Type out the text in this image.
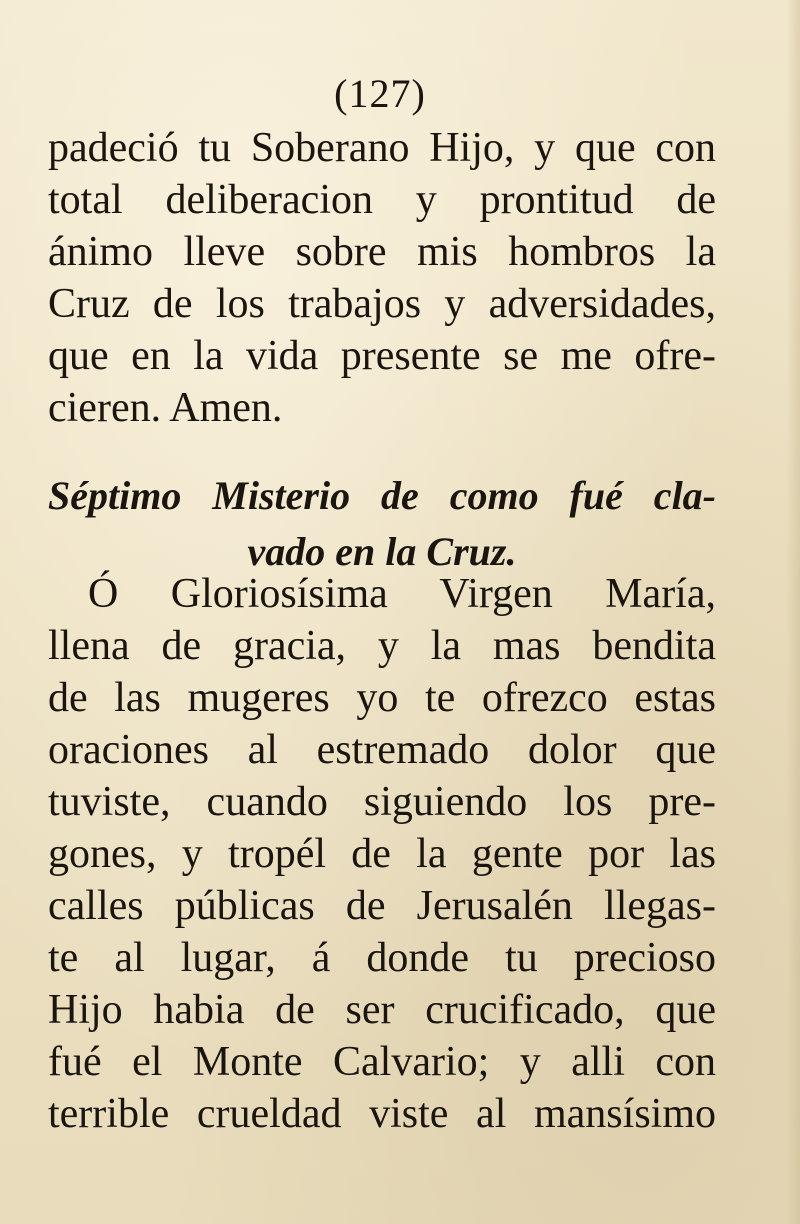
(127)
padeció tu Soberano Hijo, y que con
total deliberacion y prontitud de
ánimo lleve sobre mis hombros la
Cruz de los trabajos y adversidades,
que en la vida presente se me ofre-
cieren. Amen.
Séptimo Misterio de como fué cla-
vado en la Cruz.
Ó Gloriosísima Virgen María,
llena de gracia, y la mas bendita
de las mugeres yo te ofrezco estas
oraciones al estremado dolor que
tuviste, cuando siguiendo los pre-
gones, y tropél de la gente por las
calles públicas de Jerusalén llegas-
te al lugar, á donde tu precioso
Hijo habia de ser crucificado, que
fué el Monte Calvario; y alli con
terrible crueldad viste al mansísimo
